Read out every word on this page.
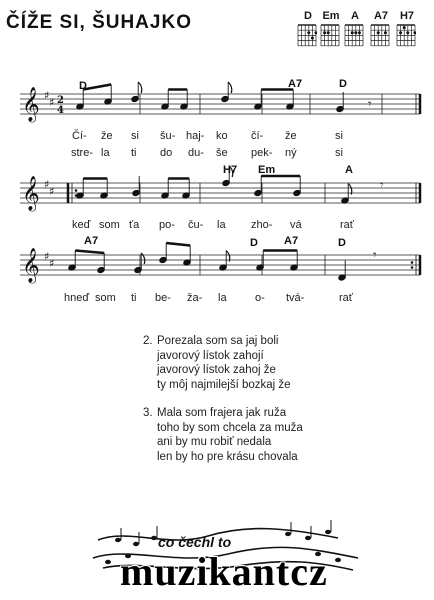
ČÍŽE SI, ŠUHAJKO	D Em	A	A7	H7
𝄞 ♯
♯ 2
4	𝄾
D	A7	D
Čí- že si šu- haj- ko čí- že	si
stre- la ti do du- še pek- ný	si
𝄞 ♯
♯	𝄾
H7 Em	A
keď som ťa po- ču- la zho- vá	rať
𝄞 ♯
♯
𝄾
A7	D A7	D
hneď som ti be- ža- la	o- tvá-	rať
2. Porezala som sa jaj boli
javorový lístok zahojí
javorový lístok zahoj že
ty môj najmilejší bozkaj že
3. Mala som frajera jak ruža
toho by som chcela za muža
ani by mu robiť nedala
len by ho pre krásu chovala
co čechl to
muzikantcz
